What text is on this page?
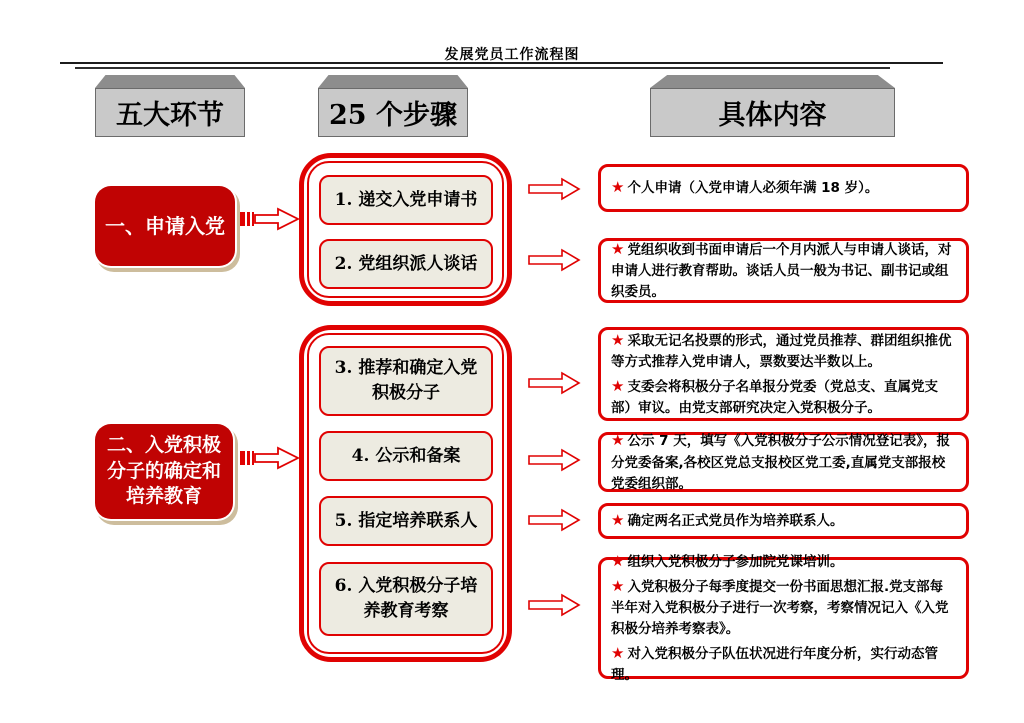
发展党员工作流程图
五大环节	25 个步骤	具体内容
一、申请入党
二、入党积极分子的确定和培养教育
1. 递交入党申请书
2. 党组织派人谈话
3. 推荐和确定入党积极分子
4. 公示和备案
5. 指定培养联系人
6. 入党积极分子培养教育考察

★ 个人申请（入党申请人必须年满 18 岁）。

★ 党组织收到书面申请后一个月内派人与申请人谈话，对申请人进行教育帮助。谈话人员一般为书记、副书记或组织委员。

★ 采取无记名投票的形式，通过党员推荐、群团组织推优等方式推荐入党申请人，票数要达半数以上。

★ 支委会将积极分子名单报分党委（党总支、直属党支部）审议。由党支部研究决定入党积极分子。

★ 公示 7 天，填写《入党积极分子公示情况登记表》，报分党委备案,各校区党总支报校区党工委,直属党支部报校党委组织部。

★ 确定两名正式党员作为培养联系人。

★ 组织入党积极分子参加院党课培训。

★ 入党积极分子每季度提交一份书面思想汇报.党支部每半年对入党积极分子进行一次考察，考察情况记入《入党积极分培养考察表》。

★ 对入党积极分子队伍状况进行年度分析，实行动态管理。
